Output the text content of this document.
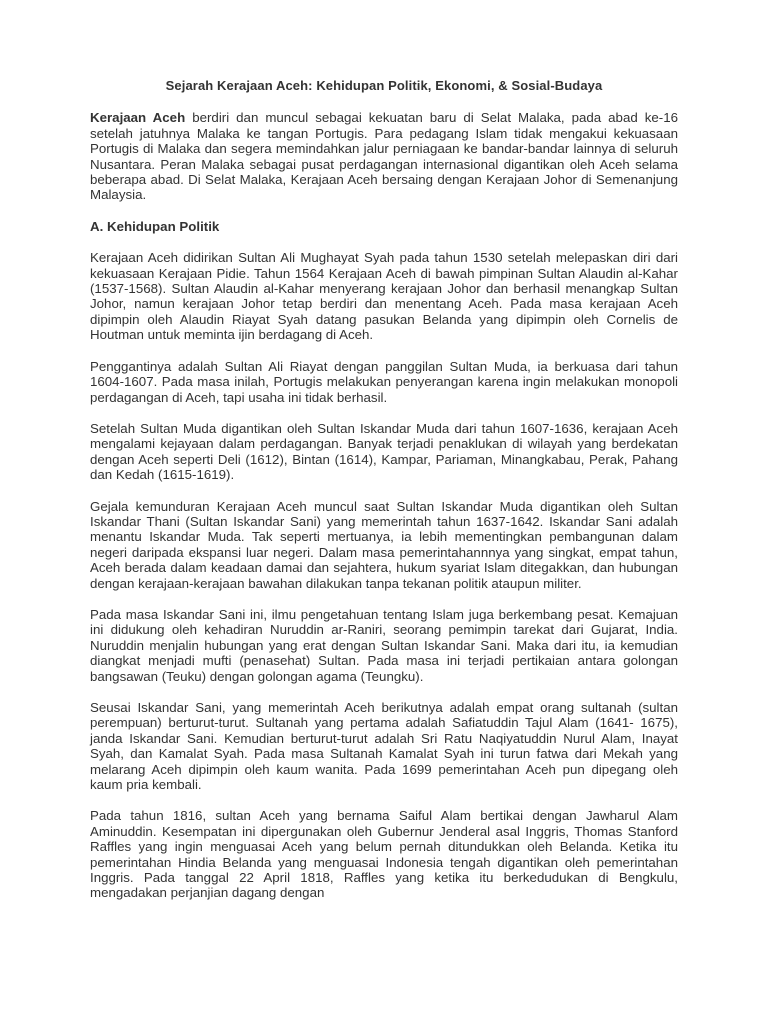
Sejarah Kerajaan Aceh: Kehidupan Politik, Ekonomi, & Sosial-Budaya

Kerajaan Aceh berdiri dan muncul sebagai kekuatan baru di Selat Malaka, pada abad ke-16 setelah jatuhnya Malaka ke tangan Portugis. Para pedagang Islam tidak mengakui kekuasaan Portugis di Malaka dan segera memindahkan jalur perniagaan ke bandar-bandar lainnya di seluruh Nusantara. Peran Malaka sebagai pusat perdagangan internasional digantikan oleh Aceh selama beberapa abad. Di Selat Malaka, Kerajaan Aceh bersaing dengan Kerajaan Johor di Semenanjung Malaysia.

A. Kehidupan Politik

Kerajaan Aceh didirikan Sultan Ali Mughayat Syah pada tahun 1530 setelah melepaskan diri dari kekuasaan Kerajaan Pidie. Tahun 1564 Kerajaan Aceh di bawah pimpinan Sultan Alaudin al-Kahar (1537-1568). Sultan Alaudin al-Kahar menyerang kerajaan Johor dan berhasil menangkap Sultan Johor, namun kerajaan Johor tetap berdiri dan menentang Aceh. Pada masa kerajaan Aceh dipimpin oleh Alaudin Riayat Syah datang pasukan Belanda yang dipimpin oleh Cornelis de Houtman untuk meminta ijin berdagang di Aceh.

Penggantinya adalah Sultan Ali Riayat dengan panggilan Sultan Muda, ia berkuasa dari tahun 1604-1607. Pada masa inilah, Portugis melakukan penyerangan karena ingin melakukan monopoli perdagangan di Aceh, tapi usaha ini tidak berhasil.

Setelah Sultan Muda digantikan oleh Sultan Iskandar Muda dari tahun 1607-1636, kerajaan Aceh mengalami kejayaan dalam perdagangan. Banyak terjadi penaklukan di wilayah yang berdekatan dengan Aceh seperti Deli (1612), Bintan (1614), Kampar, Pariaman, Minangkabau, Perak, Pahang dan Kedah (1615-1619).

Gejala kemunduran Kerajaan Aceh muncul saat Sultan Iskandar Muda digantikan oleh Sultan Iskandar Thani (Sultan Iskandar Sani) yang memerintah tahun 1637-1642. Iskandar Sani adalah menantu Iskandar Muda. Tak seperti mertuanya, ia lebih mementingkan pembangunan dalam negeri daripada ekspansi luar negeri. Dalam masa pemerintahannnya yang singkat, empat tahun, Aceh berada dalam keadaan damai dan sejahtera, hukum syariat Islam ditegakkan, dan hubungan dengan kerajaan-kerajaan bawahan dilakukan tanpa tekanan politik ataupun militer.

Pada masa Iskandar Sani ini, ilmu pengetahuan tentang Islam juga berkembang pesat. Kemajuan ini didukung oleh kehadiran Nuruddin ar-Raniri, seorang pemimpin tarekat dari Gujarat, India. Nuruddin menjalin hubungan yang erat dengan Sultan Iskandar Sani. Maka dari itu, ia kemudian diangkat menjadi mufti (penasehat) Sultan. Pada masa ini terjadi pertikaian antara golongan bangsawan (Teuku) dengan golongan agama (Teungku).

Seusai Iskandar Sani, yang memerintah Aceh berikutnya adalah empat orang sultanah (sultan perempuan) berturut-turut. Sultanah yang pertama adalah Safiatuddin Tajul Alam (1641- 1675), janda Iskandar Sani. Kemudian berturut-turut adalah Sri Ratu Naqiyatuddin Nurul Alam, Inayat Syah, dan Kamalat Syah. Pada masa Sultanah Kamalat Syah ini turun fatwa dari Mekah yang melarang Aceh dipimpin oleh kaum wanita. Pada 1699 pemerintahan Aceh pun dipegang oleh kaum pria kembali.

Pada tahun 1816, sultan Aceh yang bernama Saiful Alam bertikai dengan Jawharul Alam Aminuddin. Kesempatan ini dipergunakan oleh Gubernur Jenderal asal Inggris, Thomas Stanford Raffles yang ingin menguasai Aceh yang belum pernah ditundukkan oleh Belanda. Ketika itu pemerintahan Hindia Belanda yang menguasai Indonesia tengah digantikan oleh pemerintahan Inggris. Pada tanggal 22 April 1818, Raffles yang ketika itu berkedudukan di Bengkulu, mengadakan perjanjian dagang dengan
